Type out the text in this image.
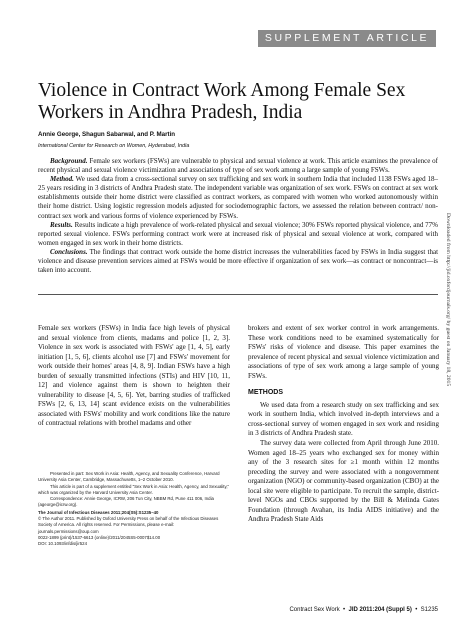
SUPPLEMENT ARTICLE
Violence in Contract Work Among Female Sex Workers in Andhra Pradesh, India
Annie George, Shagun Sabarwal, and P. Martin
International Center for Research on Women, Hyderabad, India

Background. Female sex workers (FSWs) are vulnerable to physical and sexual violence at work. This article examines the prevalence of recent physical and sexual violence victimization and associations of type of sex work among a large sample of young FSWs.

Method. We used data from a cross-sectional survey on sex trafficking and sex work in southern India that included 1138 FSWs aged 18–25 years residing in 3 districts of Andhra Pradesh state. The independent variable was organization of sex work. FSWs on contract at sex work establishments outside their home district were classified as contract workers, as compared with women who worked autonomously within their home district. Using logistic regression models adjusted for sociodemographic factors, we assessed the relation between contract/ non-contract sex work and various forms of violence experienced by FSWs.

Results. Results indicate a high prevalence of work-related physical and sexual violence; 30% FSWs reported physical violence, and 77% reported sexual violence. FSWs performing contract work were at increased risk of physical and sexual violence at work, compared with women engaged in sex work in their home districts.

Conclusions. The findings that contract work outside the home district increases the vulnerabilities faced by FSWs in India suggest that violence and disease prevention services aimed at FSWs would be more effective if organization of sex work—as contract or noncontract—is taken into account.

Female sex workers (FSWs) in India face high levels of physical and sexual violence from clients, madams and police [1, 2, 3]. Violence in sex work is associated with FSWs' age [1, 4, 5], early initiation [1, 5, 6], clients alcohol use [7] and FSWs' movement for work outside their homes' areas [4, 8, 9]. Indian FSWs have a high burden of sexually transmitted infections (STIs) and HIV [10, 11, 12] and violence against them is shown to heighten their vulnerability to disease [4, 5, 6]. Yet, barring studies of trafficked FSWs [2, 6, 13, 14] scant evidence exists on the vulnerabilities associated with FSWs' mobility and work conditions like the nature of contractual relations with brothel madams and other

Presented in part: Sex Work in Asia: Health, Agency, and Sexuality Conference, Harvard University Asia Center, Cambridge, Massachusetts, 1–2 October 2010.

This article is part of a supplement entitled "Sex Work in Asia: Health, Agency, and Sexuality," which was organized by the Harvard University Asia Center.

Correspondence: Annie George, ICRW, 206 Tun City, NBBM Rd, Pune 411 006, India (ageorge@icrw.org).

The Journal of Infectious Diseases 2011;204(S5):S1235–40

© The Author 2011. Published by Oxford University Press on behalf of the Infectious Diseases Society of America. All rights reserved. For Permissions, please e-mail: journals.permissions@oup.com

0022-1899 (print)/1537-6613 (online)/2011/2045S5-0007$14.00

DOI: 10.1093/infdis/jir524

brokers and extent of sex worker control in work arrangements. These work conditions need to be examined systematically for FSWs' risks of violence and disease. This paper examines the prevalence of recent physical and sexual violence victimization and associations of type of sex work among a large sample of young FSWs.

METHODS

We used data from a research study on sex trafficking and sex work in southern India, which involved in-depth interviews and a cross-sectional survey of women engaged in sex work and residing in 3 districts of Andhra Pradesh state.

The survey data were collected from April through June 2010. Women aged 18–25 years who exchanged sex for money within any of the 3 research sites for ≥1 month within 12 months preceding the survey and were associated with a nongovernment organization (NGO) or community-based organization (CBO) at the local site were eligible to participate. To recruit the sample, district-level NGOs and CBOs supported by the Bill & Melinda Gates Foundation (through Avahan, its India AIDS initiative) and the Andhra Pradesh State Aids

Downloaded from http://jid.oxfordjournals.org/ by guest on January 18, 2015
Contract Sex Work  •  JID 2011:204 (Suppl 5)  •  S1235
